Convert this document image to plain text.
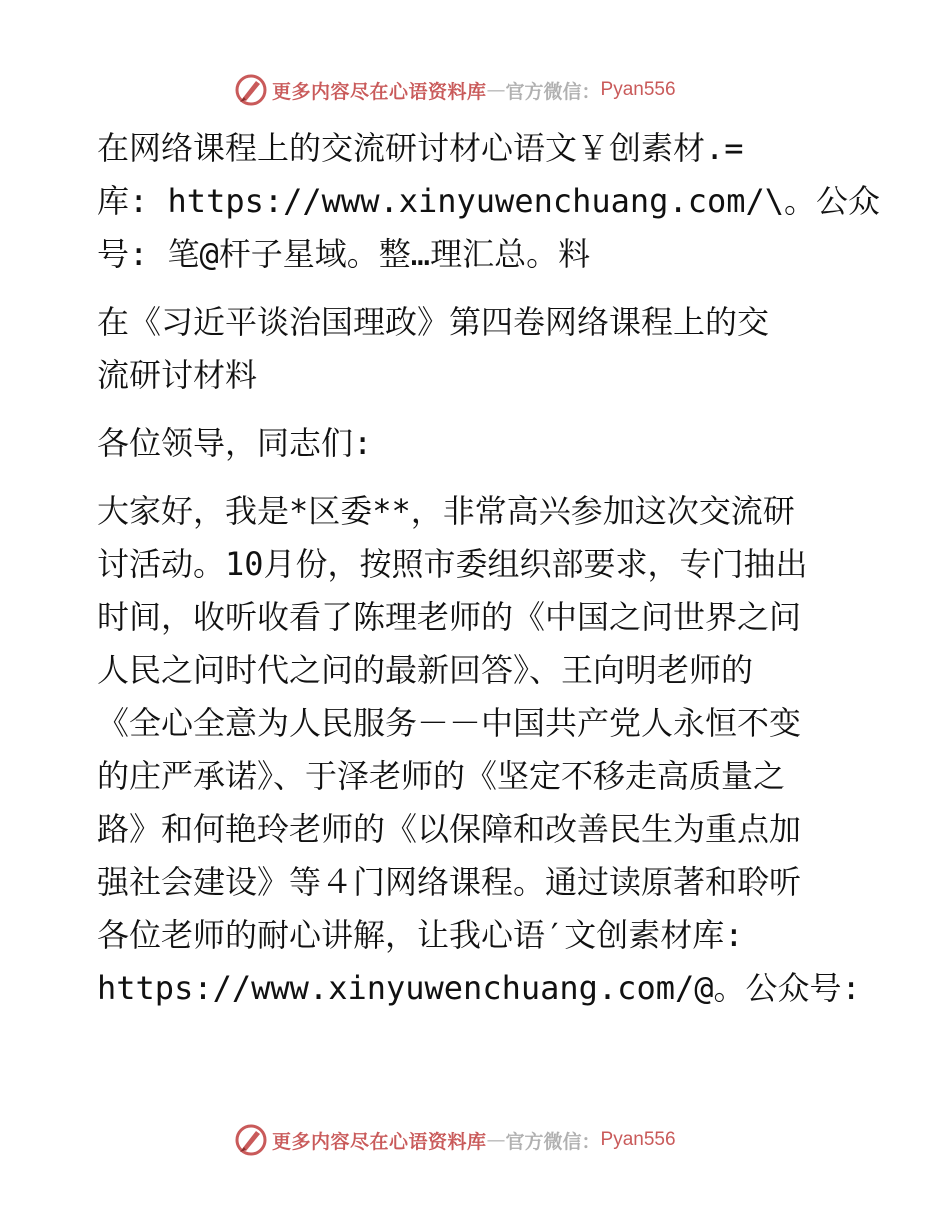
更多内容尽在心语资料库 — 官方微信： Pyan556
在网络课程上的交流研讨材心语文￥创素材.=
库: https://www.xinyuwenchuang.com/\。公众
号: 笔@杆子星域。整…理汇总。料
在《习近平谈治国理政》第四卷网络课程上的交
流研讨材料
各位领导，同志们:
大家好，我是*区委**，非常高兴参加这次交流研
讨活动。10月份，按照市委组织部要求，专门抽出
时间，收听收看了陈理老师的《中国之问世界之问
人民之问时代之问的最新回答》、王向明老师的
《全心全意为人民服务－－中国共产党人永恒不变
的庄严承诺》、于泽老师的《坚定不移走高质量之
路》和何艳玲老师的《以保障和改善民生为重点加
强社会建设》等４门网络课程。通过读原著和聆听
各位老师的耐心讲解，让我心语′文创素材库:
https://www.xinyuwenchuang.com/@。公众号:
更多内容尽在心语资料库 — 官方微信： Pyan556
